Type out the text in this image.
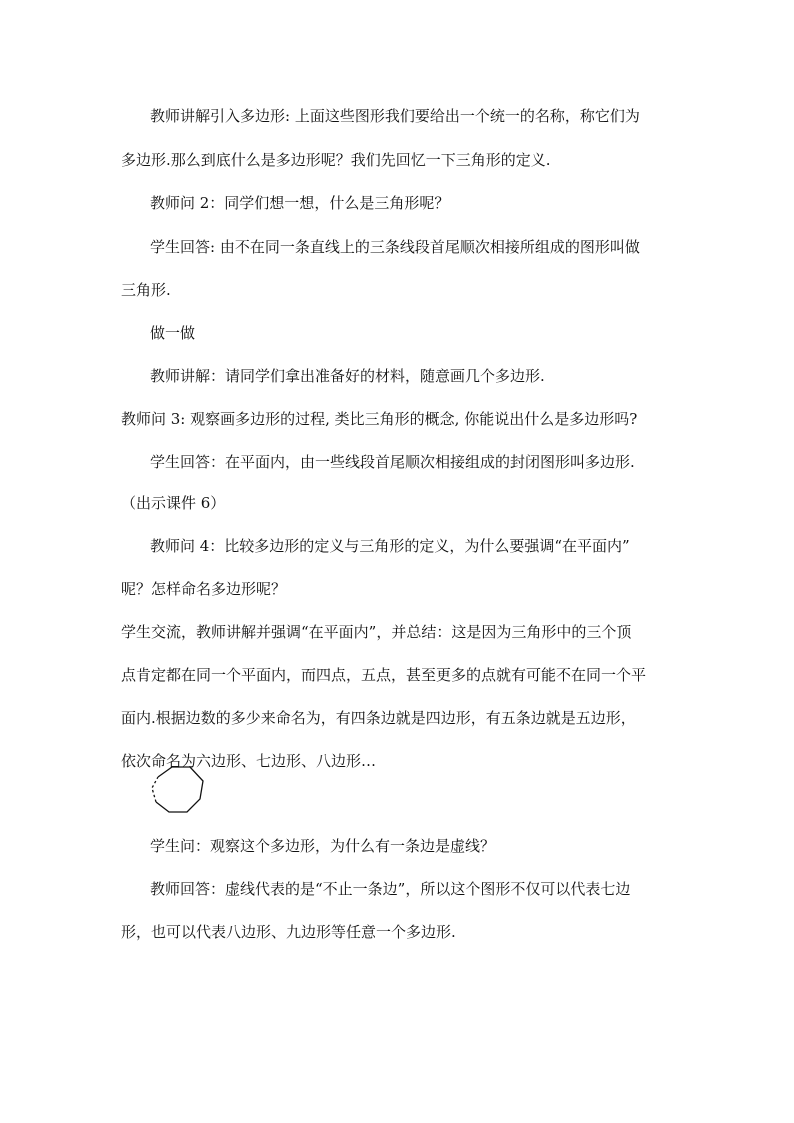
教师讲解引入多边形: 上面这些图形我们要给出一个统一的名称，称它们为
多边形.那么到底什么是多边形呢？我们先回忆一下三角形的定义.
教师问 2：同学们想一想，什么是三角形呢？
学生回答: 由不在同一条直线上的三条线段首尾顺次相接所组成的图形叫做
三角形.
做一做
教师讲解：请同学们拿出准备好的材料，随意画几个多边形.
教师问 3: 观察画多边形的过程, 类比三角形的概念, 你能说出什么是多边形吗?
学生回答：在平面内，由一些线段首尾顺次相接组成的封闭图形叫多边形.
（出示课件 6）
教师问 4：比较多边形的定义与三角形的定义，为什么要强调“在平面内”
呢？怎样命名多边形呢？
学生交流，教师讲解并强调“在平面内”，并总结：这是因为三角形中的三个顶
点肯定都在同一个平面内，而四点，五点，甚至更多的点就有可能不在同一个平
面内.根据边数的多少来命名为，有四条边就是四边形，有五条边就是五边形，
依次命名为六边形、七边形、八边形…
学生问：观察这个多边形，为什么有一条边是虚线？
教师回答：虚线代表的是“不止一条边”，所以这个图形不仅可以代表七边
形，也可以代表八边形、九边形等任意一个多边形.
